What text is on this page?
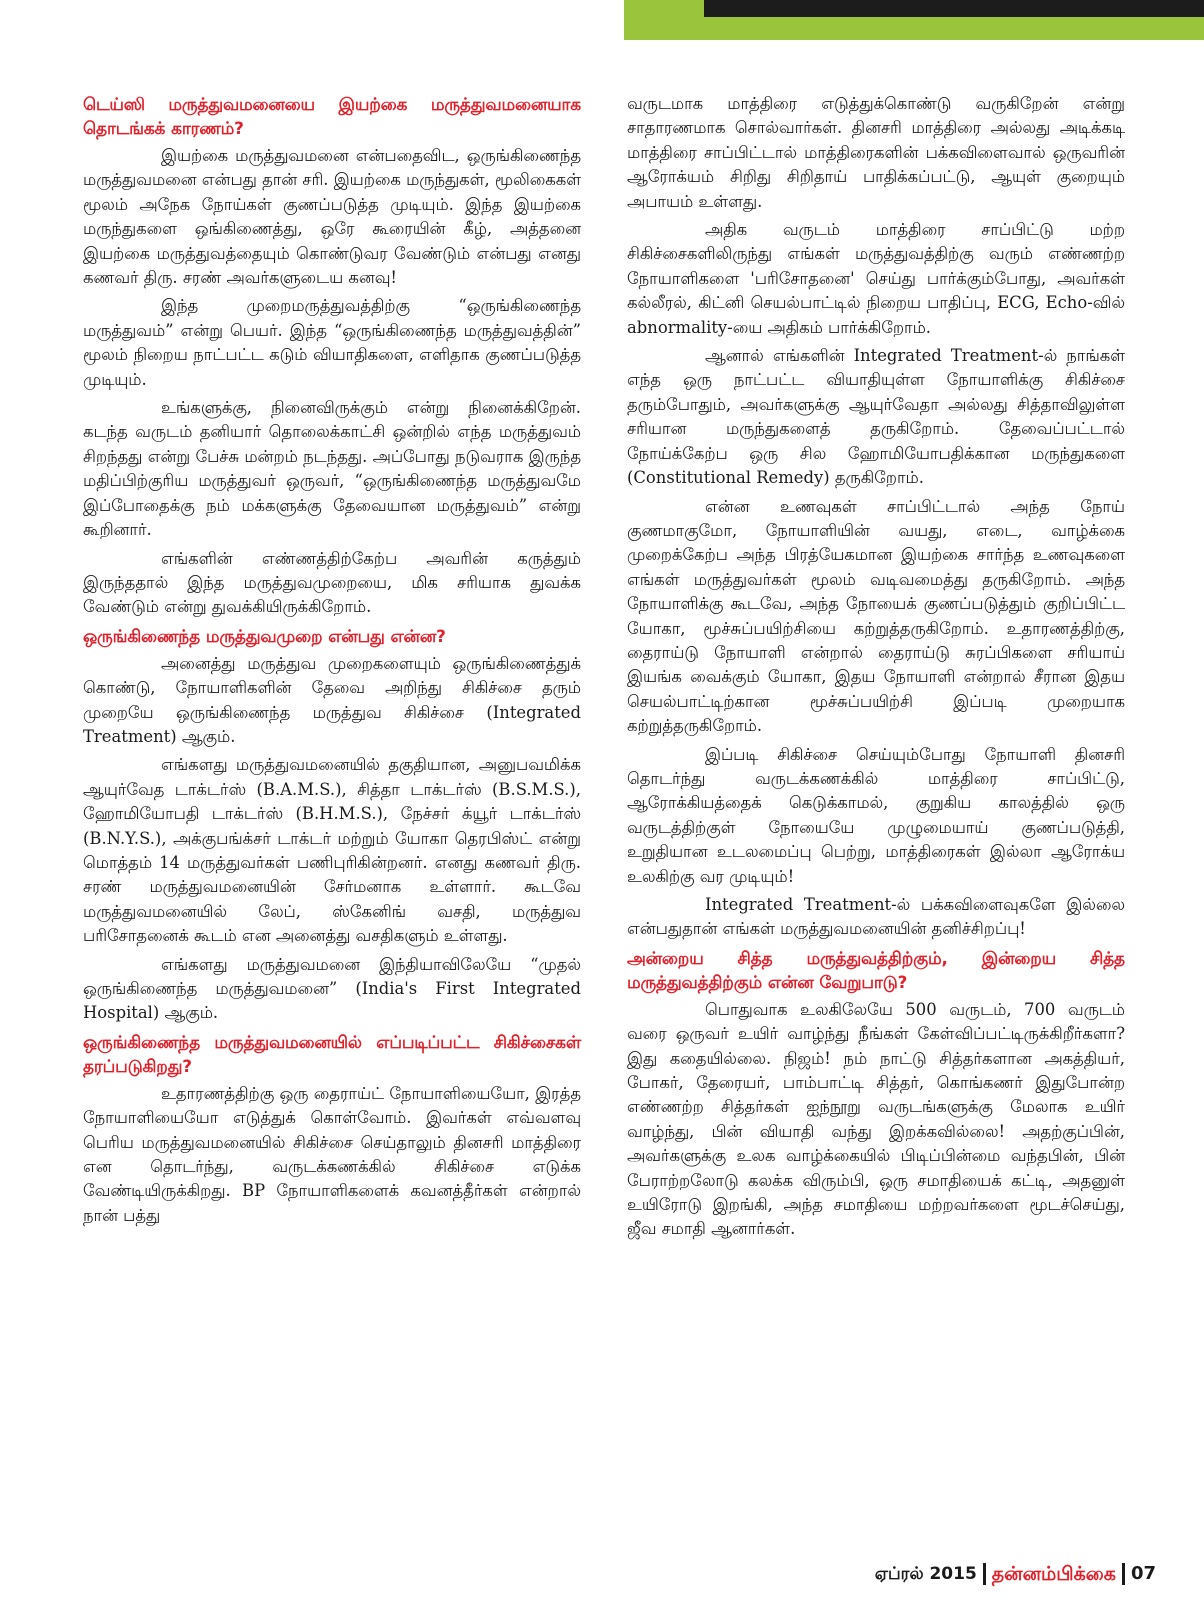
டெய்ஸி மருத்துவமனையை இயற்கை மருத்துவமனையாக தொடங்கக் காரணம்?

இயற்கை மருத்துவமனை என்பதைவிட, ஒருங்கிணைந்த மருத்துவமனை என்பது தான் சரி. இயற்கை மருந்துகள், மூலிகைகள் மூலம் அநேக நோய்கள் குணப்படுத்த முடியும். இந்த இயற்கை மருந்துகளை ஒங்கிணைத்து, ஒரே கூரையின் கீழ், அத்தனை இயற்கை மருத்துவத்தையும் கொண்டுவர வேண்டும் என்பது எனது கணவர் திரு. சரண் அவர்களுடைய கனவு!

இந்த முறைமருத்துவத்திற்கு “ஒருங்கிணைந்த மருத்துவம்” என்று பெயர். இந்த “ஒருங்கிணைந்த மருத்துவத்தின்” மூலம் நிறைய நாட்பட்ட கடும் வியாதிகளை, எளிதாக குணப்படுத்த முடியும்.

உங்களுக்கு, நினைவிருக்கும் என்று நினைக்கிறேன். கடந்த வருடம் தனியார் தொலைக்காட்சி ஒன்றில் எந்த மருத்துவம் சிறந்தது என்று பேச்சு மன்றம் நடந்தது. அப்போது நடுவராக இருந்த மதிப்பிற்குரிய மருத்துவர் ஒருவர், “ஒருங்கிணைந்த மருத்துவமே இப்போதைக்கு நம் மக்களுக்கு தேவையான மருத்துவம்” என்று கூறினார்.

எங்களின் எண்ணத்திற்கேற்ப அவரின் கருத்தும் இருந்ததால் இந்த மருத்துவமுறையை, மிக சரியாக துவக்க வேண்டும் என்று துவக்கியிருக்கிறோம்.

ஒருங்கிணைந்த மருத்துவமுறை என்பது என்ன?

அனைத்து மருத்துவ முறைகளையும் ஒருங்கிணைத்துக் கொண்டு, நோயாளிகளின் தேவை அறிந்து சிகிச்சை தரும் முறையே ஒருங்கிணைந்த மருத்துவ சிகிச்சை (Integrated Treatment) ஆகும்.

எங்களது மருத்துவமனையில் தகுதியான, அனுபவமிக்க ஆயுர்வேத டாக்டர்ஸ் (B.A.M.S.), சித்தா டாக்டர்ஸ் (B.S.M.S.), ஹோமியோபதி டாக்டர்ஸ் (B.H.M.S.), நேச்சர் க்யூர் டாக்டர்ஸ் (B.N.Y.S.), அக்குபங்க்சர் டாக்டர் மற்றும் யோகா தெரபிஸ்ட் என்று மொத்தம் 14 மருத்துவர்கள் பணிபுரிகின்றனர். எனது கணவர் திரு. சரண் மருத்துவமனையின் சேர்மனாக உள்ளார். கூடவே மருத்துவமனையில் லேப், ஸ்கேனிங் வசதி, மருத்துவ பரிசோதனைக் கூடம் என அனைத்து வசதிகளும் உள்ளது.

எங்களது மருத்துவமனை இந்தியாவிலேயே “முதல் ஒருங்கிணைந்த மருத்துவமனை” (India's First Integrated Hospital) ஆகும்.

ஒருங்கிணைந்த மருத்துவமனையில் எப்படிப்பட்ட சிகிச்சைகள் தரப்படுகிறது?

உதாரணத்திற்கு ஒரு தைராய்ட் நோயாளியையோ, இரத்த நோயாளியையோ எடுத்துக் கொள்வோம். இவர்கள் எவ்வளவு பெரிய மருத்துவமனையில் சிகிச்சை செய்தாலும் தினசரி மாத்திரை என தொடர்ந்து, வருடக்கணக்கில் சிகிச்சை எடுக்க வேண்டியிருக்கிறது. BP நோயாளிகளைக் கவனத்தீர்கள் என்றால் நான் பத்து

வருடமாக மாத்திரை எடுத்துக்கொண்டு வருகிறேன் என்று சாதாரணமாக சொல்வார்கள். தினசரி மாத்திரை அல்லது அடிக்கடி மாத்திரை சாப்பிட்டால் மாத்திரைகளின் பக்கவிளைவால் ஒருவரின் ஆரோக்யம் சிறிது சிறிதாய் பாதிக்கப்பட்டு, ஆயுள் குறையும் அபாயம் உள்ளது.

அதிக வருடம் மாத்திரை சாப்பிட்டு மற்ற சிகிச்சைகளிலிருந்து எங்கள் மருத்துவத்திற்கு வரும் எண்ணற்ற நோயாளிகளை 'பரிசோதனை' செய்து பார்க்கும்போது, அவர்கள் கல்லீரல், கிட்னி செயல்பாட்டில் நிறைய பாதிப்பு, ECG, Echo-வில் abnormality-யை அதிகம் பார்க்கிறோம்.

ஆனால் எங்களின் Integrated Treatment-ல் நாங்கள் எந்த ஒரு நாட்பட்ட வியாதியுள்ள நோயாளிக்கு சிகிச்சை தரும்போதும், அவர்களுக்கு ஆயுர்வேதா அல்லது சித்தாவிலுள்ள சரியான மருந்துகளைத் தருகிறோம். தேவைப்பட்டால் நோய்க்கேற்ப ஒரு சில ஹோமியோபதிக்கான மருந்துகளை (Constitutional Remedy) தருகிறோம்.

என்ன உணவுகள் சாப்பிட்டால் அந்த நோய் குணமாகுமோ, நோயாளியின் வயது, எடை, வாழ்க்கை முறைக்கேற்ப அந்த பிரத்யேகமான இயற்கை சார்ந்த உணவுகளை எங்கள் மருத்துவர்கள் மூலம் வடிவமைத்து தருகிறோம். அந்த நோயாளிக்கு கூடவே, அந்த நோயைக் குணப்படுத்தும் குறிப்பிட்ட யோகா, மூச்சுப்பயிற்சியை கற்றுத்தருகிறோம். உதாரணத்திற்கு, தைராய்டு நோயாளி என்றால் தைராய்டு சுரப்பிகளை சரியாய் இயங்க வைக்கும் யோகா, இதய நோயாளி என்றால் சீரான இதய செயல்பாட்டிற்கான மூச்சுப்பயிற்சி இப்படி முறையாக கற்றுத்தருகிறோம்.

இப்படி சிகிச்சை செய்யும்போது நோயாளி தினசரி தொடர்ந்து வருடக்கணக்கில் மாத்திரை சாப்பிட்டு, ஆரோக்கியத்தைக் கெடுக்காமல், குறுகிய காலத்தில் ஒரு வருடத்திற்குள் நோயையே முழுமையாய் குணப்படுத்தி, உறுதியான உடலமைப்பு பெற்று, மாத்திரைகள் இல்லா ஆரோக்ய உலகிற்கு வர முடியும்!

Integrated Treatment-ல் பக்கவிளைவுகளே இல்லை என்பதுதான் எங்கள் மருத்துவமனையின் தனிச்சிறப்பு!

அன்றைய சித்த மருத்துவத்திற்கும், இன்றைய சித்த மருத்துவத்திற்கும் என்ன வேறுபாடு?

பொதுவாக உலகிலேயே 500 வருடம், 700 வருடம் வரை ஒருவர் உயிர் வாழ்ந்து நீங்கள் கேள்விப்பட்டிருக்கிறீர்களா? இது கதையில்லை. நிஜம்! நம் நாட்டு சித்தர்களான அகத்தியர், போகர், தேரையர், பாம்பாட்டி சித்தர், கொங்கணர் இதுபோன்ற எண்ணற்ற சித்தர்கள் ஐந்நூறு வருடங்களுக்கு மேலாக உயிர் வாழ்ந்து, பின் வியாதி வந்து இறக்கவில்லை! அதற்குப்பின், அவர்களுக்கு உலக வாழ்க்கையில் பிடிப்பின்மை வந்தபின், பின் பேராற்றலோடு கலக்க விரும்பி, ஒரு சமாதியைக் கட்டி, அதனுள் உயிரோடு இறங்கி, அந்த சமாதியை மற்றவர்களை மூடச்செய்து, ஜீவ சமாதி ஆனார்கள்.

ஏப்ரல் 2015 தன்னம்பிக்கை 07
